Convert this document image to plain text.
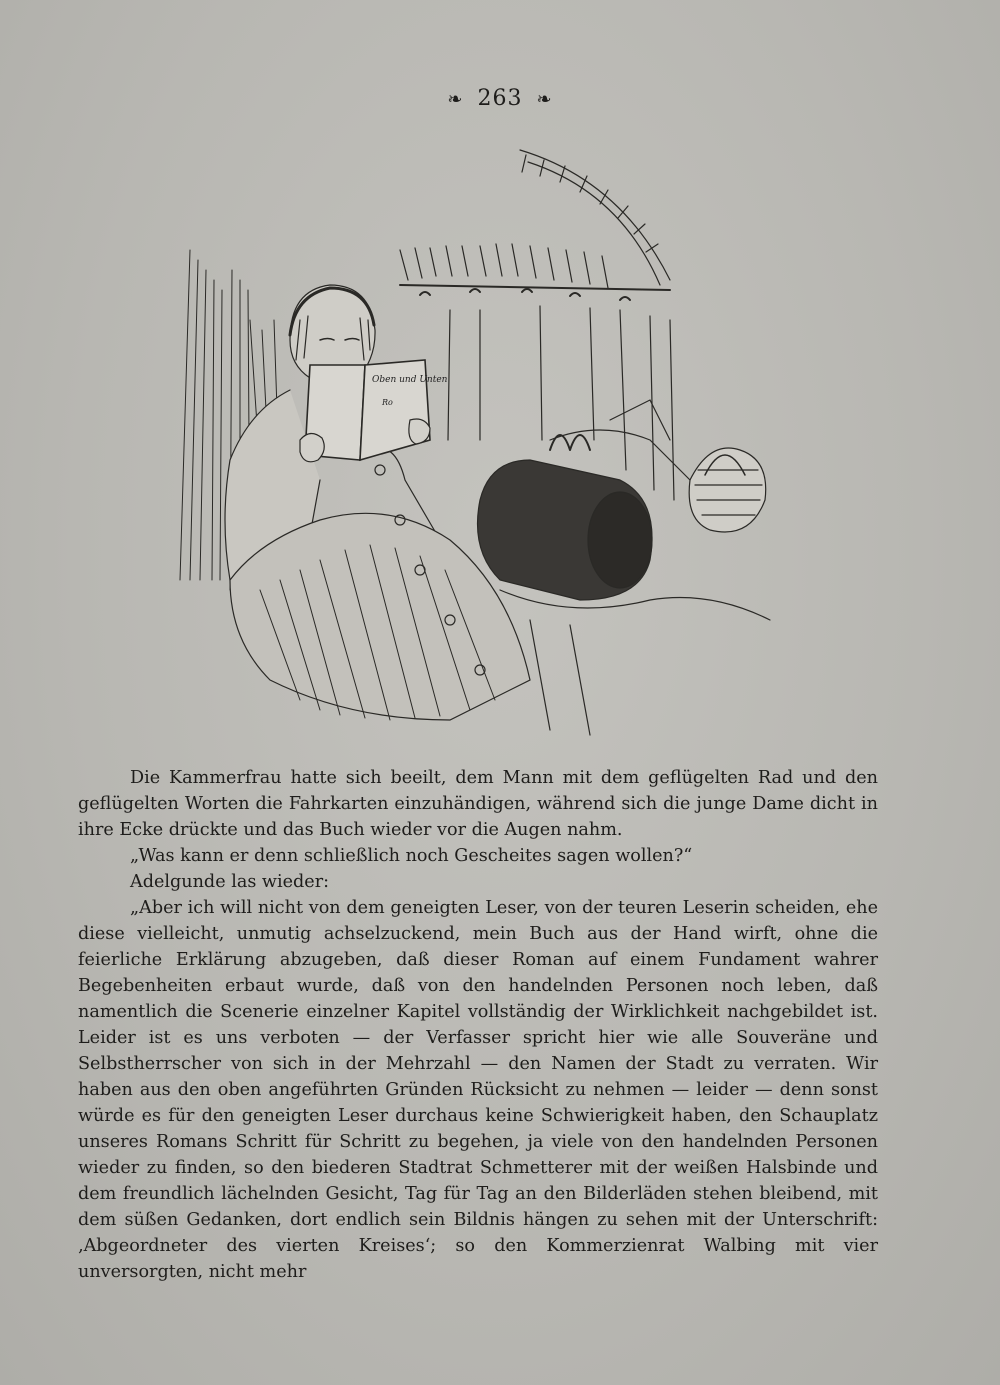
❧ 263 ❧
Oben und Unten
Ro

Die Kammerfrau hatte sich beeilt, dem Mann mit dem geflügelten Rad und den geflügelten Worten die Fahrkarten einzuhändigen, während sich die junge Dame dicht in ihre Ecke drückte und das Buch wieder vor die Augen nahm.

„Was kann er denn schließlich noch Gescheites sagen wollen?“

Adelgunde las wieder:

„Aber ich will nicht von dem geneigten Leser, von der teuren Leserin scheiden, ehe diese vielleicht, unmutig achselzuckend, mein Buch aus der Hand wirft, ohne die feierliche Erklärung abzugeben, daß dieser Roman auf einem Fundament wahrer Begebenheiten erbaut wurde, daß von den handelnden Personen noch leben, daß namentlich die Scenerie einzelner Kapitel vollständig der Wirklichkeit nachgebildet ist. Leider ist es uns verboten — der Verfasser spricht hier wie alle Souveräne und Selbstherrscher von sich in der Mehrzahl — den Namen der Stadt zu verraten. Wir haben aus den oben angeführten Gründen Rücksicht zu nehmen — leider — denn sonst würde es für den geneigten Leser durchaus keine Schwierigkeit haben, den Schauplatz unseres Romans Schritt für Schritt zu begehen, ja viele von den handelnden Personen wieder zu finden, so den biederen Stadtrat Schmetterer mit der weißen Halsbinde und dem freundlich lächelnden Gesicht, Tag für Tag an den Bilderläden stehen bleibend, mit dem süßen Gedanken, dort endlich sein Bildnis hängen zu sehen mit der Unterschrift: ‚Abgeordneter des vierten Kreises‘; so den Kommerzienrat Walbing mit vier unversorgten, nicht mehr
